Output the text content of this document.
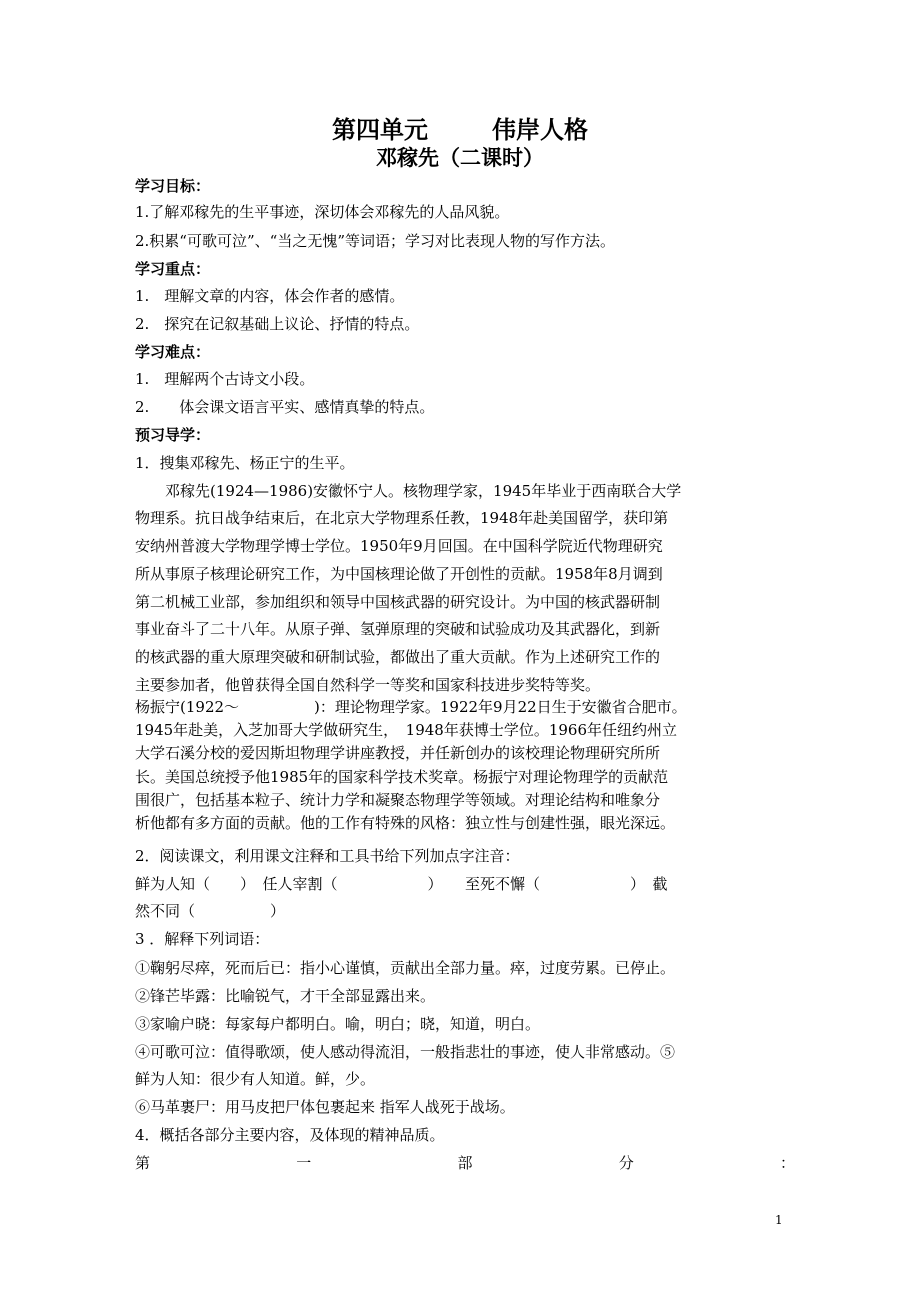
第四单元	伟岸人格
邓稼先（二课时）
学习目标：
1.了解邓稼先的生平事迹，深切体会邓稼先的人品风貌。
2.积累“可歌可泣”、“当之无愧”等词语；学习对比表现人物的写作方法。
学习重点：
1.　理解文章的内容，体会作者的感情。
2.　探究在记叙基础上议论、抒情的特点。
学习难点：
1.　理解两个古诗文小段。
2.　　体会课文语言平实、感情真挚的特点。
预习导学：
1．搜集邓稼先、杨正宁的生平。
　　邓稼先(1924—1986)安徽怀宁人。核物理学家，1945年毕业于西南联合大学
物理系。抗日战争结束后，在北京大学物理系任教，1948年赴美国留学，获印第
安纳州普渡大学物理学博士学位。1950年9月回国。在中国科学院近代物理研究
所从事原子核理论研究工作，为中国核理论做了开创性的贡献。1958年8月调到
第二机械工业部，参加组织和领导中国核武器的研究设计。为中国的核武器研制
事业奋斗了二十八年。从原子弹、氢弹原理的突破和试验成功及其武器化，到新
的核武器的重大原理突破和研制试验，都做出了重大贡献。作为上述研究工作的
主要参加者，他曾获得全国自然科学一等奖和国家科技进步奖特等奖。
杨振宁(1922～　　　　　)：理论物理学家。1922年9月22日生于安徽省合肥市。
1945年赴美，入芝加哥大学做研究生，　1948年获博士学位。1966年任纽约州立
大学石溪分校的爱因斯坦物理学讲座教授，并任新创办的该校理论物理研究所所
长。美国总统授予他1985年的国家科学技术奖章。杨振宁对理论物理学的贡献范
围很广，包括基本粒子、统计力学和凝聚态物理学等领域。对理论结构和唯象分
析他都有多方面的贡献。他的工作有特殊的风格：独立性与创建性强，眼光深远。
2．阅读课文，利用课文注释和工具书给下列加点字注音：
鲜为人知（　　）　任人宰割（　　　　　　）　　至死不懈（　　　　　　）　截
然不同（　　　　　）
3 ．解释下列词语：
①鞠躬尽瘁，死而后已：指小心谨慎，贡献出全部力量。瘁，过度劳累。已停止。
②锋芒毕露：比喻锐气，才干全部显露出来。
③家喻户晓：每家每户都明白。喻，明白；晓，知道，明白。
④可歌可泣：值得歌颂，使人感动得流泪，一般指悲壮的事迹，使人非常感动。⑤
鲜为人知：很少有人知道。鲜，少。
⑥马革裹尸：用马皮把尸体包裹起来 指军人战死于战场。
4．概括各部分主要内容，及体现的精神品质。
第	一	部	分	：
1
